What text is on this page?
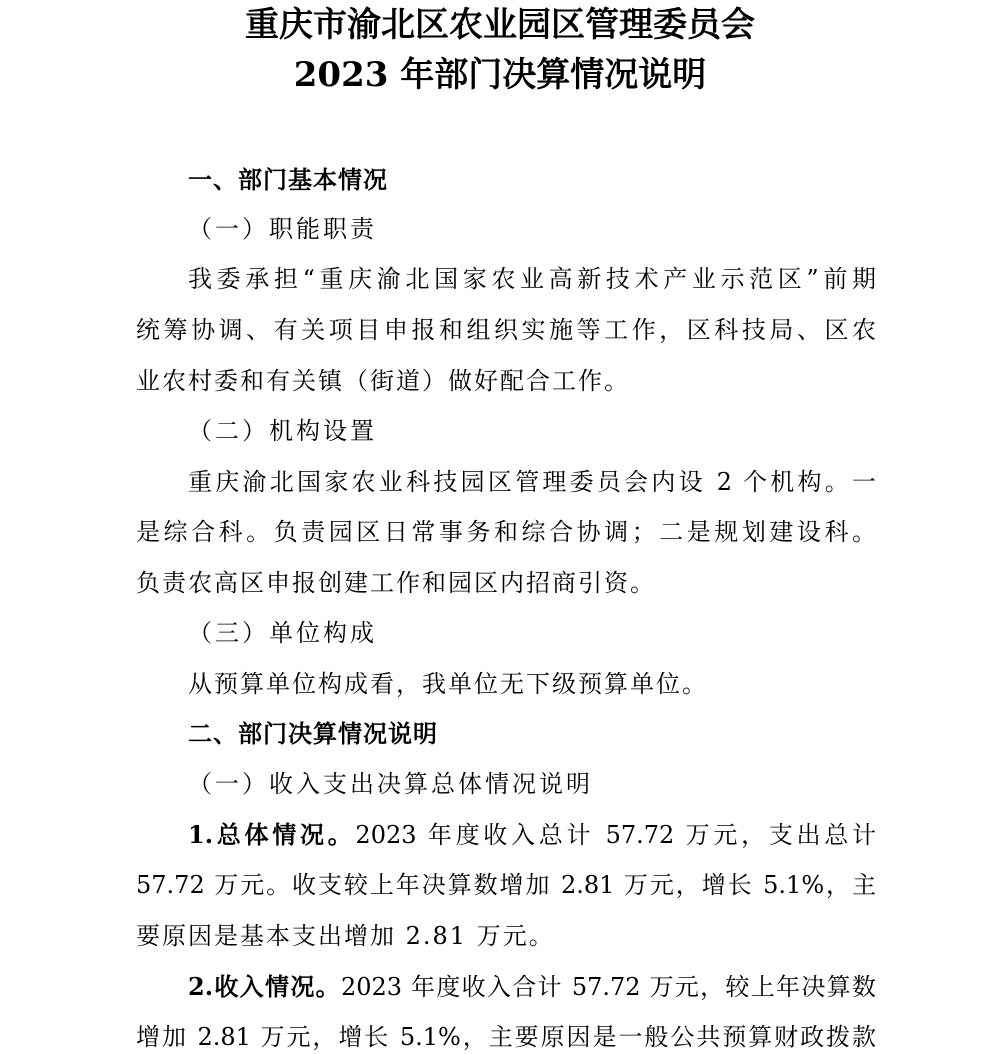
重庆市渝北区农业园区管理委员会
2023 年部门决算情况说明
一、部门基本情况
（一）职能职责
我委承担“重庆渝北国家农业高新技术产业示范区”前期
统筹协调、有关项目申报和组织实施等工作，区科技局、区农
业农村委和有关镇（街道）做好配合工作。
（二）机构设置
重庆渝北国家农业科技园区管理委员会内设 2 个机构。一
是综合科。负责园区日常事务和综合协调；二是规划建设科。
负责农高区申报创建工作和园区内招商引资。
（三）单位构成
从预算单位构成看，我单位无下级预算单位。
二、部门决算情况说明
（一）收入支出决算总体情况说明
1.总体情况。2023 年度收入总计 57.72 万元，支出总计
57.72 万元。收支较上年决算数增加 2.81 万元，增长 5.1%，主
要原因是基本支出增加 2.81 万元。
2.收入情况。2023 年度收入合计 57.72 万元，较上年决算数
增加 2.81 万元，增长 5.1%，主要原因是一般公共预算财政拨款
